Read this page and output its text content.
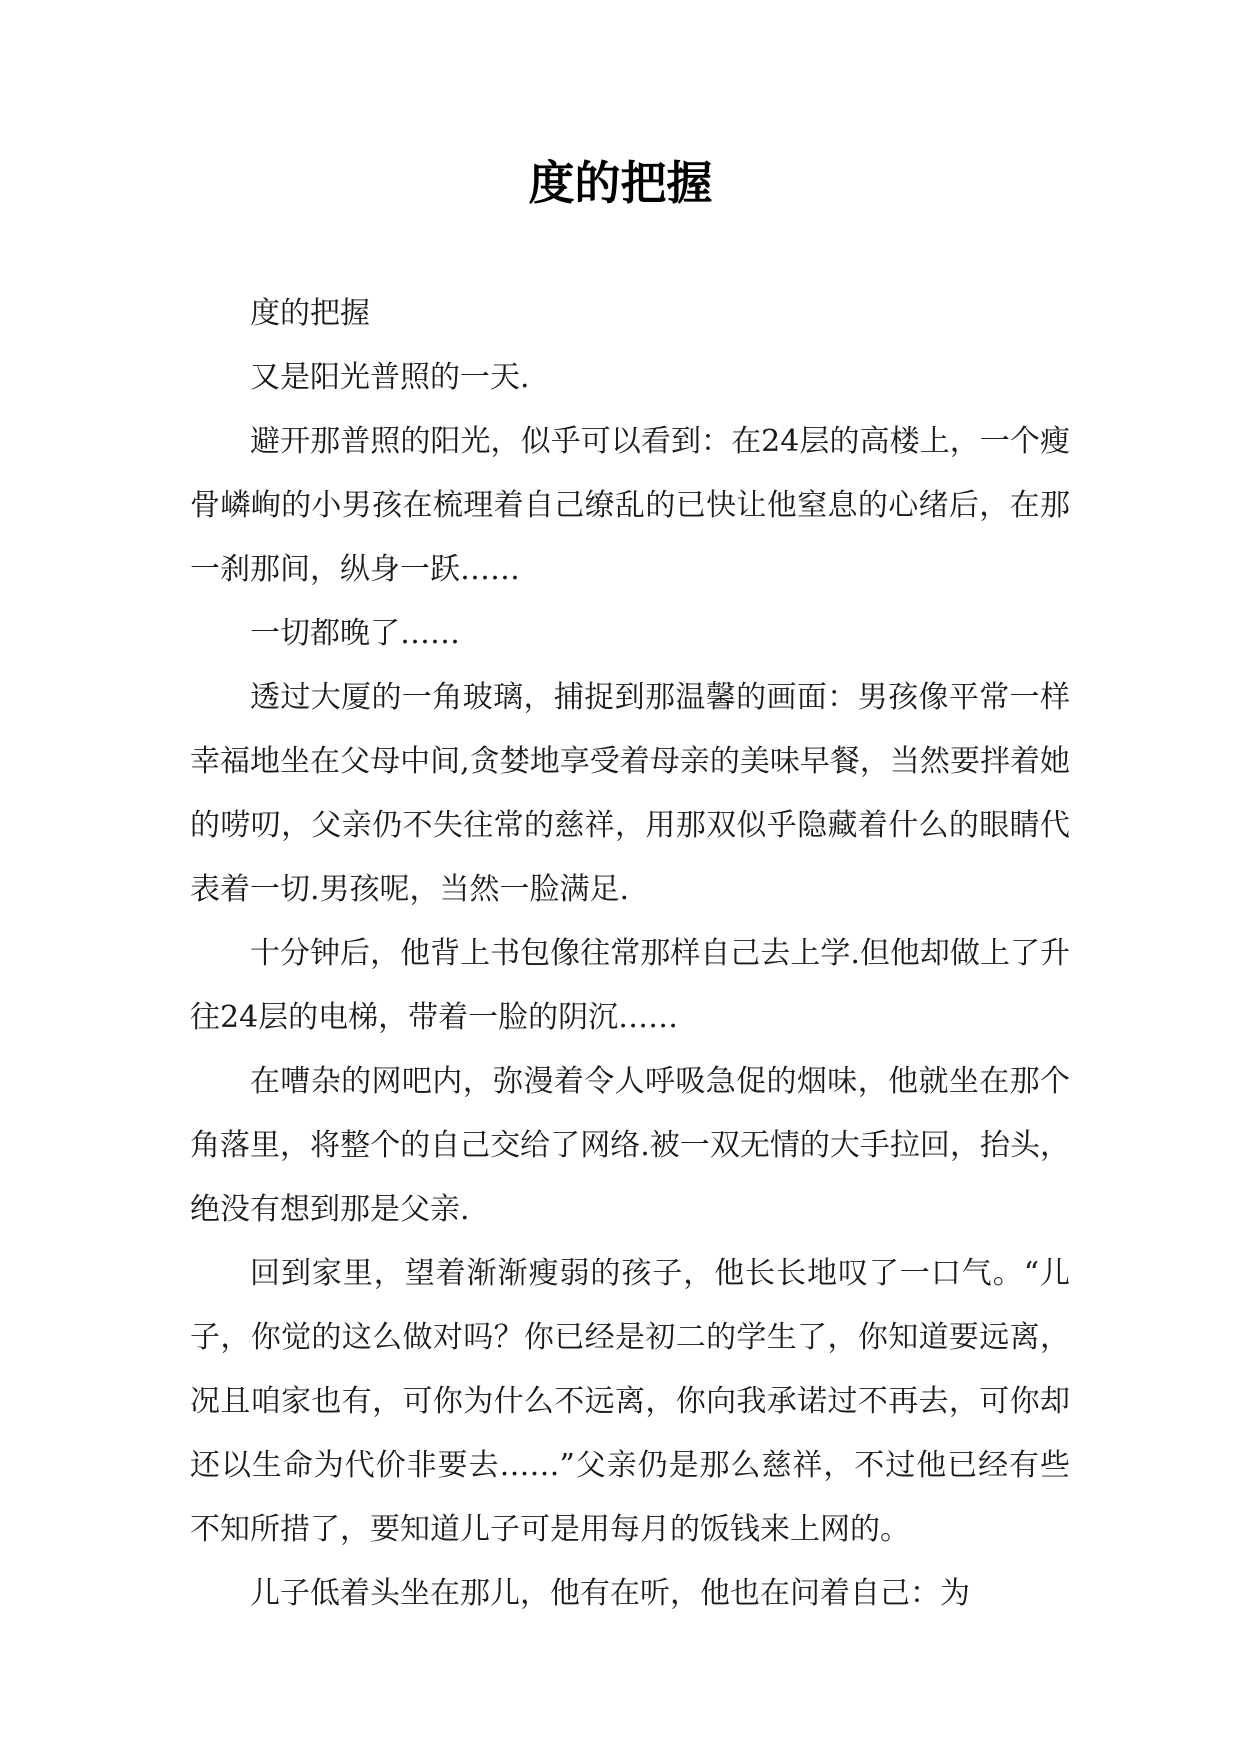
度的把握

度的把握

又是阳光普照的一天.

避开那普照的阳光，似乎可以看到：在24层的高楼上，一个瘦骨嶙峋的小男孩在梳理着自己缭乱的已快让他窒息的心绪后，在那一刹那间，纵身一跃……

一切都晚了……

透过大厦的一角玻璃，捕捉到那温馨的画面：男孩像平常一样幸福地坐在父母中间,贪婪地享受着母亲的美味早餐，当然要拌着她的唠叨，父亲仍不失往常的慈祥，用那双似乎隐藏着什么的眼睛代表着一切.男孩呢，当然一脸满足.

十分钟后，他背上书包像往常那样自己去上学.但他却做上了升往24层的电梯，带着一脸的阴沉……

在嘈杂的网吧内，弥漫着令人呼吸急促的烟味，他就坐在那个角落里，将整个的自己交给了网络.被一双无情的大手拉回，抬头，绝没有想到那是父亲.

回到家里，望着渐渐瘦弱的孩子，他长长地叹了一口气。“儿子，你觉的这么做对吗？你已经是初二的学生了，你知道要远离，况且咱家也有，可你为什么不远离，你向我承诺过不再去，可你却还以生命为代价非要去……”父亲仍是那么慈祥，不过他已经有些不知所措了，要知道儿子可是用每月的饭钱来上网的。

儿子低着头坐在那儿，他有在听，他也在问着自己：为
